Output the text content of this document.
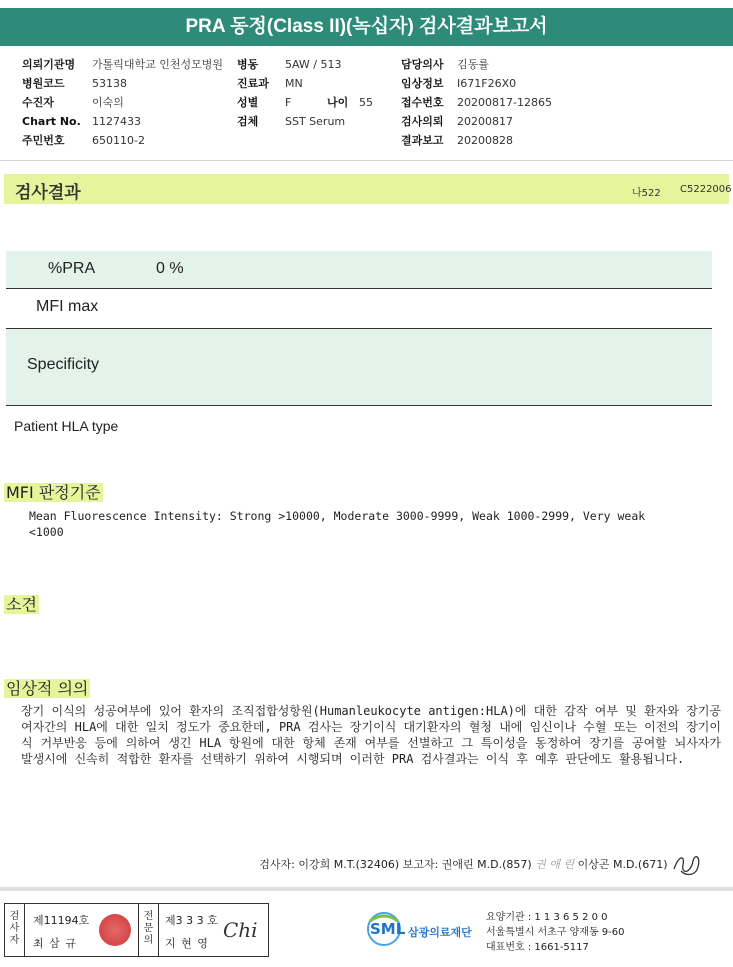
PRA 동정(Class II)(녹십자) 검사결과보고서
의뢰기관명 가톨릭대학교 인천성모병원
병원코드 53138
수진자	이숙의
Chart No. 1127433
주민번호 650110-2
병동 5AW / 513
진료과 MN
성별 F	나이 55
검체 SST Serum
담당의사 김동률
임상정보 I671F26X0
접수번호 20200817-12865
검사의뢰 20200817
결과보고 20200828
검사결과	나522 C5222006
%PRA	0 %
MFI max
Specificity
Patient HLA type
MFI 판정기준
Mean Fluorescence Intensity: Strong >10000, Moderate 3000-9999, Weak 1000-2999, Very weak
<1000
소견
임상적 의의
장기 이식의 성공여부에 있어 환자의 조직접합성항원(Humanleukocyte antigen:HLA)에 대한 감작 여부 및 환자와 장기공여자간의 HLA에 대한 일치 정도가 중요한데, PRA 검사는 장기이식 대기환자의 혈청 내에 임신이나 수혈 또는 이전의 장기이식 거부반응 등에 의하여 생긴 HLA 항원에 대한 항체 존재 여부를 선별하고 그 특이성을 동정하여 장기를 공여할 뇌사자가 발생시에 신속히 적합한 환자를 선택하기 위하여 시행되며 이러한 PRA 검사결과는 이식 후 예후 판단에도 활용됩니다.
검사자: 이강희 M.T.(32406) 보고자: 권애린 M.D.(857) 권 애 린 이상곤 M.D.(671)
검
사
자
제11194호
최 삼 규
전
문
의
제3 3 3 호
지 현 영
Chi	SML 삼광의료재단
요양기관 : 1 1 3 6 5 2 0 0
서울특별시 서초구 양재동 9-60
대표번호 : 1661-5117
